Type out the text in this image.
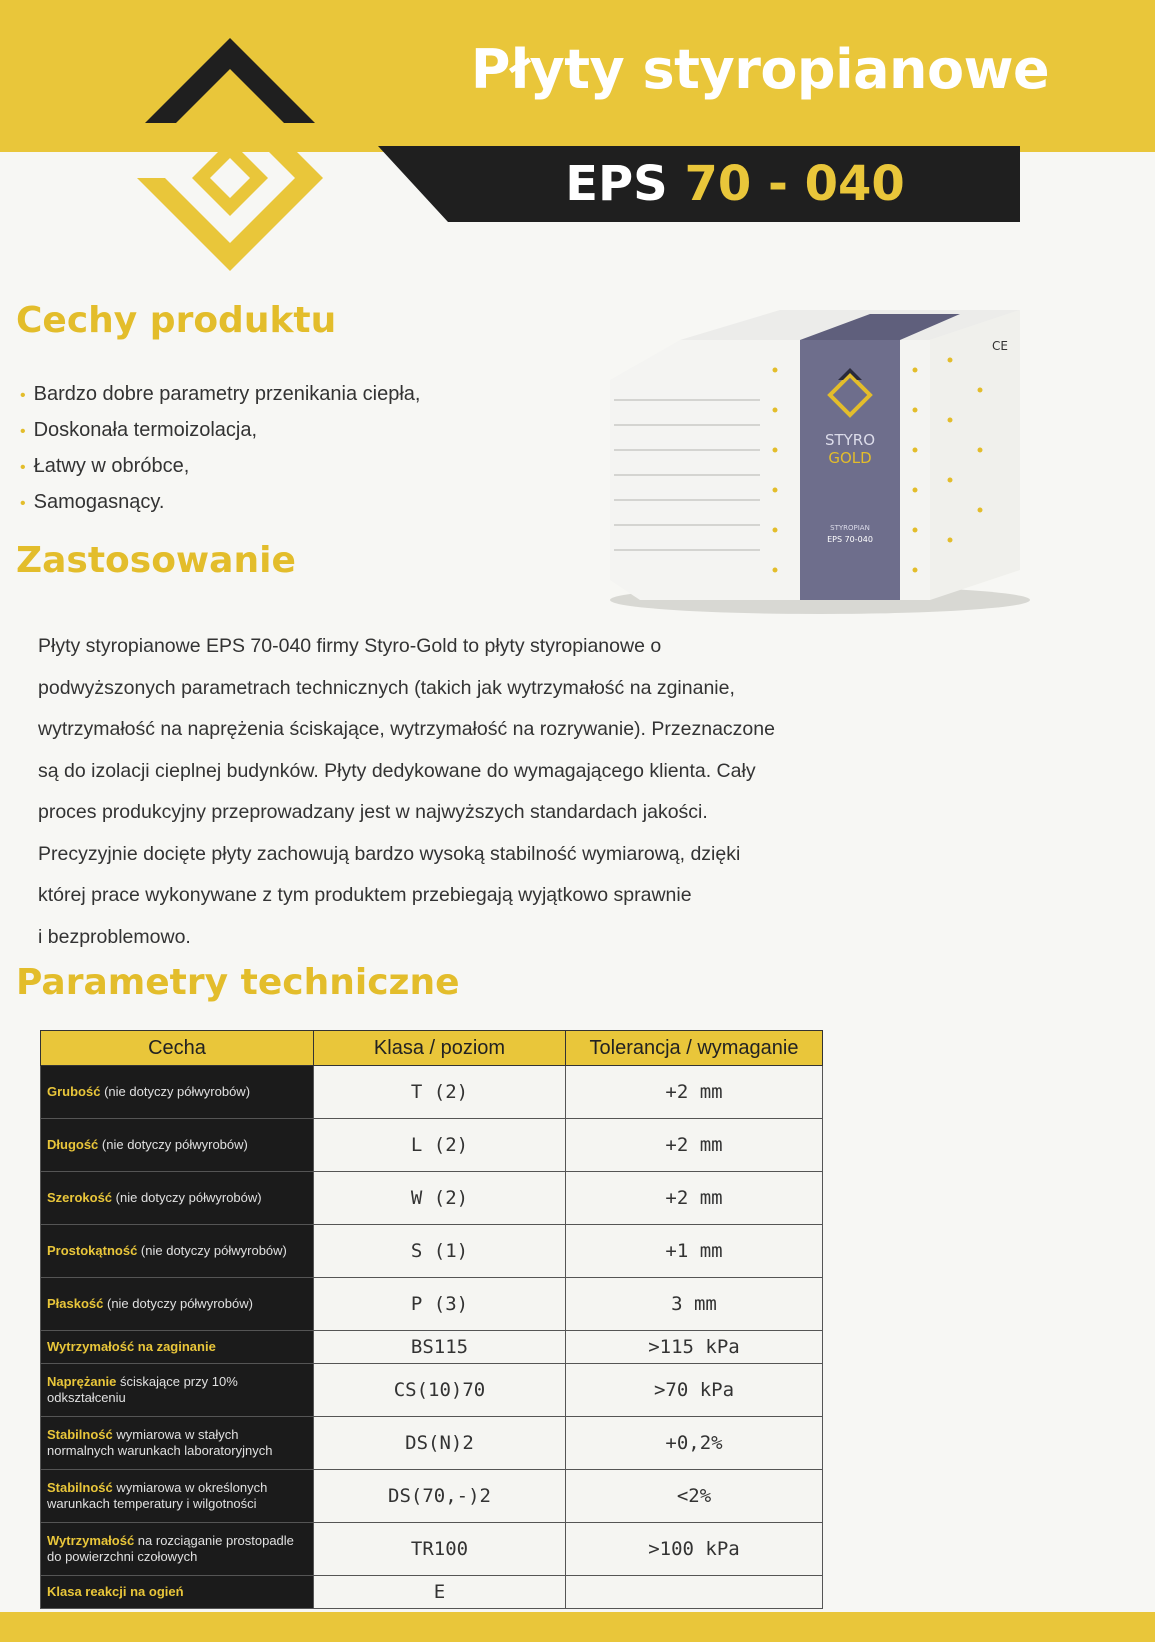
Płyty styropianowe
EPS 70 - 040
Cechy produktu
• Bardzo dobre parametry przenikania ciepła,
• Doskonała termoizolacja,
• Łatwy w obróbce,
• Samogasnący.
STYRO
GOLD
STYROPIAN
EPS 70-040
CE
Zastosowanie
Płyty styropianowe EPS 70-040 firmy Styro-Gold to płyty styropianowe o
podwyższonych parametrach technicznych (takich jak wytrzymałość na zginanie,
wytrzymałość na naprężenia ściskające, wytrzymałość na rozrywanie). Przeznaczone
są do izolacji cieplnej budynków. Płyty dedykowane do wymagającego klienta. Cały
proces produkcyjny przeprowadzany jest w najwyższych standardach jakości.
Precyzyjnie docięte płyty zachowują bardzo wysoką stabilność wymiarową, dzięki
której prace wykonywane z tym produktem przebiegają wyjątkowo sprawnie
i bezproblemowo.
Parametry techniczne
Cecha	Klasa / poziom	Tolerancja / wymaganie
Grubość (nie dotyczy półwyrobów)	T (2)	+2 mm
Długość (nie dotyczy półwyrobów)	L (2)	+2 mm
Szerokość (nie dotyczy półwyrobów)	W (2)	+2 mm
Prostokątność (nie dotyczy półwyrobów)	S (1)	+1 mm
Płaskość (nie dotyczy półwyrobów)	P (3)	3 mm
Wytrzymałość na zaginanie	BS115	>115 kPa
Naprężanie ściskające przy 10% odkształceniu	CS(10)70	>70 kPa
Stabilność wymiarowa w stałych normalnych warunkach laboratoryjnych	DS(N)2	+0,2%
Stabilność wymiarowa w określonych warunkach temperatury i wilgotności	DS(70,-)2	<2%
Wytrzymałość na rozciąganie prostopadle do powierzchni czołowych	TR100	>100 kPa
Klasa reakcji na ogień	E	
